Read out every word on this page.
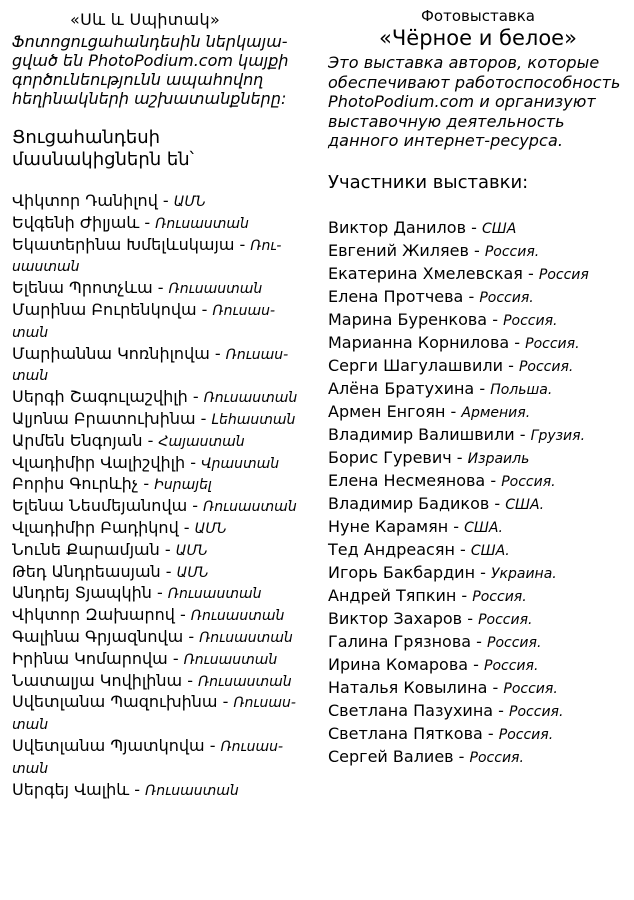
«Սև և Սպիտակ»
Ֆոտոցուցահանդեսին ներկայա-
ցված են PhotoPodium.com կայքի
գործունեությունն ապահովող
հեղինակների աշխատանքները:
Ցուցահանդեսի
մասնակիցներն են՝
Վիկտոր Դանիլով - ԱՄՆ
Եվգենի Ժիլյաև - Ռուսաստան
Եկատերինա Խմելևսկայա - Ռու-
սաստան
Ելենա Պրոտչևա - Ռուսաստան
Մարինա Բուրենկովա - Ռուսաս-
տան
Մարիաննա Կոռնիլովա - Ռուսաս-
տան
Սերգի Շագուլաշվիլի - Ռուսաստան
Ալյոնա Բրատուխինա - Լեհաստան
Արմեն Ենգոյան - Հայաստան
Վլադիմիր Վալիշվիլի - Վրաստան
Բորիս Գուրևիչ - Իսրայել
Ելենա Նեսմեյանովա - Ռուսաստան
Վլադիմիր Բադիկով - ԱՄՆ
Նունե Քարամյան - ԱՄՆ
Թեդ Անդրեասյան - ԱՄՆ
Անդրեյ Տյապկին - Ռուսաստան
Վիկտոր Զախարով - Ռուսաստան
Գալինա Գրյազնովա - Ռուսաստան
Իրինա Կոմարովա - Ռուսաստան
Նատալյա Կովիլինա - Ռուսաստան
Սվետլանա Պազուխինա - Ռուսաս-
տան
Սվետլանա Պյատկովա - Ռուսաս-
տան
Սերգեյ Վալիև - Ռուսաստան
Фотовыставка
«Чёрное и белое»
Это выставка авторов, которые
обеспечивают работоспособность
PhotoPodium.com и организуют
выставочную деятельность
данного интернет-ресурса.
Участники выставки:
Виктор Данилов - США
Евгений Жиляев - Россия.
Екатерина Хмелевская - Россия
Елена Протчева - Россия.
Марина Буренкова - Россия.
Марианна Корнилова - Россия.
Серги Шагулашвили - Россия.
Алёна Братухина - Польша.
Армен Енгоян - Армения.
Владимир Валишвили - Грузия.
Борис Гуревич - Израиль
Елена Несмеянова - Россия.
Владимир Бадиков - США.
Нуне Карамян - США.
Тед Андреасян - США.
Игорь Бакбардин - Украина.
Андрей Тяпкин - Россия.
Виктор Захаров - Россия.
Галина Грязнова - Россия.
Ирина Комарова - Россия.
Наталья Ковылина - Россия.
Светлана Пазухина - Россия.
Светлана Пяткова - Россия.
Сергей Валиев - Россия.
